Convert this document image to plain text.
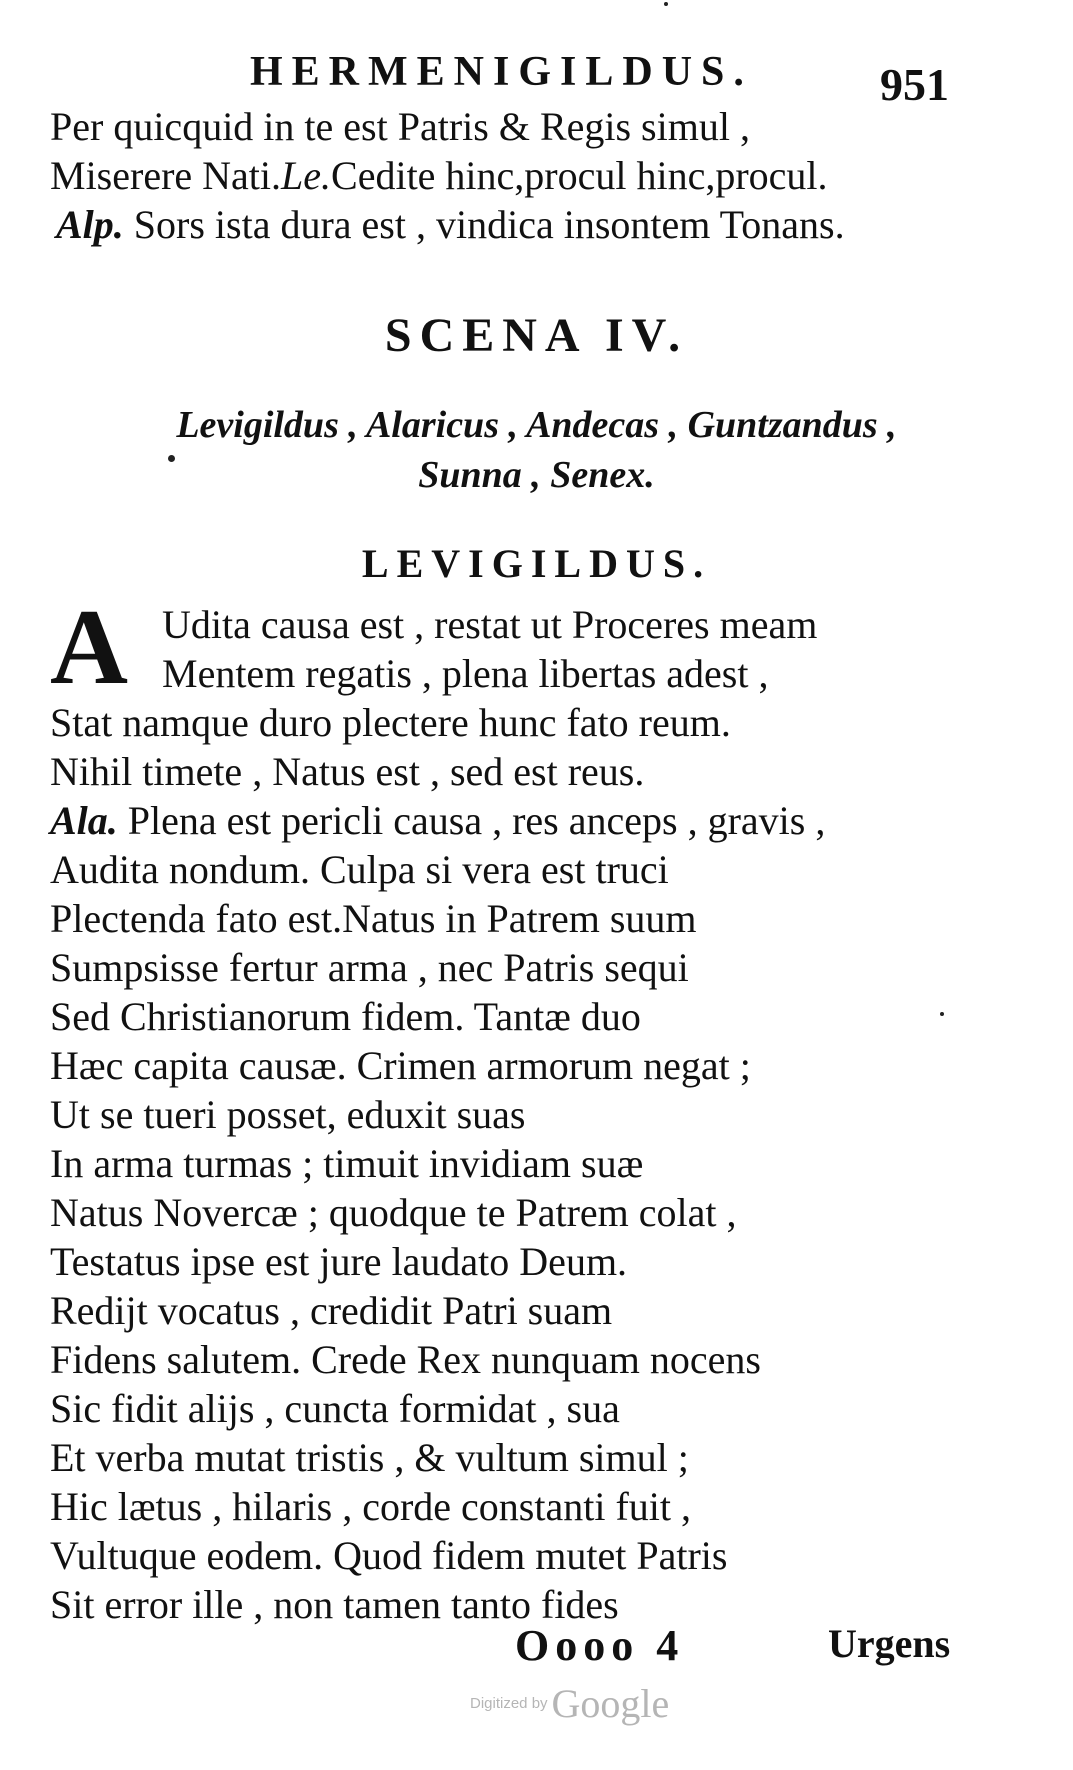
HERMENIGILDUS.	951
Per quicquid in te est Patris & Regis simul ,
Miserere Nati.Le.Cedite hinc,procul hinc,procul.
Alp. Sors ista dura est , vindica insontem Tonans.
SCENA IV.
Levigildus , Alaricus , Andecas , Guntzandus ,
Sunna , Senex.
LEVIGILDUS.
A Udita causa est , restat ut Proceres meam
Mentem regatis , plena libertas adest ,
Stat namque duro plectere hunc fato reum.
Nihil timete , Natus est , sed est reus.
Ala. Plena est pericli causa , res anceps , gravis ,
Audita nondum. Culpa si vera est truci
Plectenda fato est.Natus in Patrem suum
Sumpsisse fertur arma , nec Patris sequi
Sed Christianorum fidem. Tantæ duo
Hæc capita causæ. Crimen armorum negat ;
Ut se tueri posset, eduxit suas
In arma turmas ; timuit invidiam suæ
Natus Novercæ ; quodque te Patrem colat ,
Testatus ipse est jure laudato Deum.
Redijt vocatus , credidit Patri suam
Fidens salutem. Crede Rex nunquam nocens
Sic fidit alijs , cuncta formidat , sua
Et verba mutat tristis , & vultum simul ;
Hic lætus , hilaris , corde constanti fuit ,
Vultuque eodem. Quod fidem mutet Patris
Sit error ille , non tamen tanto fides
Oooo 4	Urgens
Digitized by Google
